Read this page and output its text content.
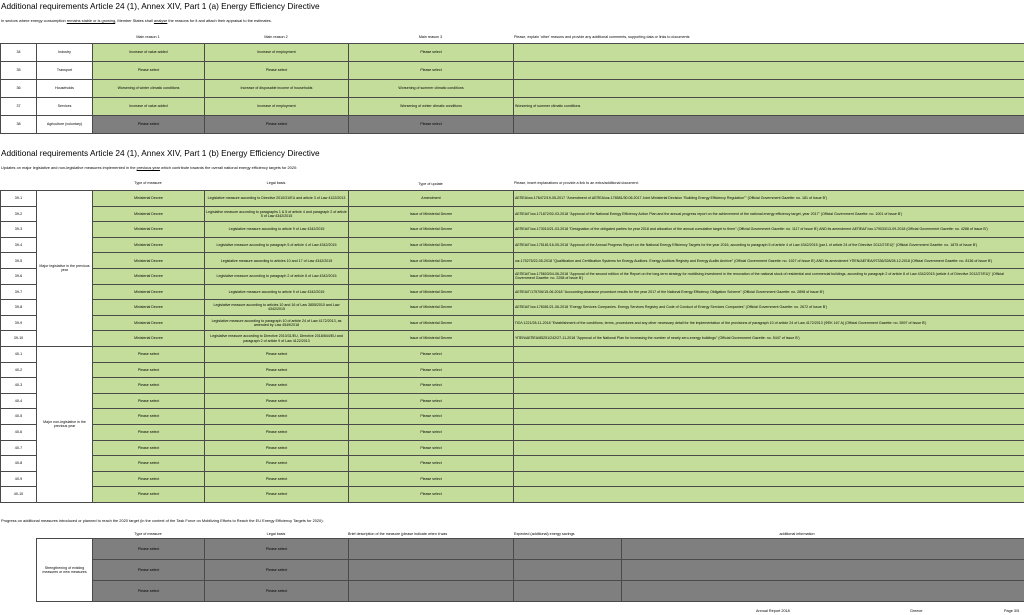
Additional requirements Article 24 (1), Annex XIV, Part 1 (a) Energy Efficiency Directive
In sectors where energy consumption remains stable or is growing, Member States shall analyse the reasons for it and attach their appraisal to the estimates.
Main reason 1	Main reason 2	Main reason 3	Please, explain 'other' reasons and provide any additional comments, supporting data or links to documents
34	Industry	Increase of value added	Increase of employment	Please select	
35	Transport	Please select	Please select	Please select	
36	Households	Worsening of winter climatic conditions	Increase of disposable income of households	Worsening of summer climatic conditions	
37	Services	Increase of value added	Increase of employment	Worsening of winter climatic conditions	Worsening of summer climatic conditions
38	Agriculture (voluntary)	Please select	Please select	Please select	
Additional requirements Article 24 (1), Annex XIV, Part 1 (b) Energy Efficiency Directive
Updates on major legislative and non-legislative measures implemented in the previous year which contribute towards the overall national energy efficiency targets for 2020:
Type of measure	Legal basis	Type of update	Please, insert explanations or provide a link to an extra/additional document:
39-1	Major legislative in the previous year	Ministerial Decree	Legislative measure according to Directive 2010/31/EU and article 3 of Law 4122/2013	Amendment	ΔΕΠΕΑ/οικ.176472/19-05-2017 "Amendment of ΔΕΠΕΑ/οικ.178581/30.06.2017 Joint Ministerial Decision "Building Energy Efficiency Regulation"" (Official Government Gazette: no. 181 of Issue Β')
39-2		Ministerial Decree	Legislative measure according to paragraphs 1 & 5 of article 4 and paragraph 2 of article 5 of Law 4342/2015	Issue of Ministerial Decree	ΔΕΠΕΑ/Γ/οικ.171872/02-03-2018 "Approval of the National Energy Efficiency Action Plan and the annual progress report on the achievement of the national energy efficiency target, year 2017" (Official Government Gazette: no. 1001 of Issue Β')
39-3		Ministerial Decree	Legislative measure according to article 9 of Law 4342/2015	Issue of Ministerial Decree	ΔΕΠΕΑ/Γ/οικ.173010/21-03-2018 "Designation of the obligated parties for year 2018 and allocation of the annual cumulative target to them" (Official Government Gazette: no. 1117 of Issue Β') AND its amendment ΔΕΠΕΑ/Γ/οικ.179033/13-09-2018 (Official Government Gazette: no. 4288 of Issue Β')
39-4		Ministerial Decree	Legislative measure according to paragraph 5 of article 4 of Law 4342/2015	Issue of Ministerial Decree	ΔΕΠΕΑ/Γ/οικ.175181/16-05-2018 "Approval of the Annual Progress Report on the National Energy Efficiency Targets for the year 2016, according to paragraph 5 of article 4 of Law 4342/2015 (par.1 of article 24 of the Directive 2012/27/EU)" (Official Government Gazette: no. 1875 of Issue Β')
39-5		Ministerial Decree	Legislative measure according to articles 10 and 17 of Law 4342/2015	Issue of Ministerial Decree	οικ.175275/22-05-2018 "Qualification and Certification Systems for Energy Auditors. Energy Auditors Registry and Energy Audits Archive" (Official Government Gazette: no. 1927 of Issue Β') AND its amendment ΥΠΕΝ/ΔΕΠΕΑ/97336/328/28-12-2018 (Official Government Gazette: no. 8136 of Issue Β')
39-6		Ministerial Decree	Legislative measure according to paragraph 2 of article 8 of Law 4342/2015	Issue of Ministerial Decree	ΔΕΠΕΑ/Γ/οικ.175603/04-06-2018 "Approval of the second edition of the Report on the long-term strategy for mobilising investment in the renovation of the national stock of residential and commercial buildings, according to paragraph 2 of article 8 of Law 4342/2015 (article 4 of Directive 2012/27/EU)" (Official Government Gazette: no. 2258 of Issue Β')
39-7		Ministerial Decree	Legislative measure according to article 9 of Law 4342/2015	Issue of Ministerial Decree	ΔΕΠΕΑ/Γ/175706/15-06-2018 "Accounting clearance procedure results for the year 2017 of the National Energy Efficiency Obligation Scheme" (Official Government Gazette: no. 2898 of Issue Β')
39-8		Ministerial Decree	Legislative measure according to articles 10 and 16 of Law 3855/2010 and Law 4342/2015	Issue of Ministerial Decree	ΔΕΠΕΑ/Γ/οικ.176081/21-06-2018 "Energy Services Companies. Energy Services Registry and Code of Conduct of Energy Services Companies" (Official Government Gazette: no. 2672 of Issue Β')
39-9		Ministerial Decree	Legislative measure according to paragraph 10 of article 24 of Law 4172/2013, as amended by Law 4549/2018	Issue of Ministerial Decree	ΠΟΛ 1221/28-11-2018 "Establishment of the conditions, terms, procedures and any other necessary detail for the implementation of the provisions of paragraph 10 of article 24 of Law 4172/2013 (ΦΕΚ 167 Α) (Official Government Gazette: no. 5597 of Issue Β')
39-10		Ministerial Decree	Legislative measure according to Directive 2010/31/EU, Directive 2018/844/EU and paragraph 2 of article 9 of Law 4122/2013	Issue of Ministerial Decree	ΥΠΕΝ/ΔΕΠΕΑ/85251/242/27-11-2018 "Approval of the National Plan for increasing the number of nearly zero-energy buildings" (Official Government Gazette: no. 5447 of Issue Β')
40-1	Major non-legislative in the previous year	Please select	Please select	Please select	
40-2		Please select	Please select	Please select	
40-3		Please select	Please select	Please select	
40-4		Please select	Please select	Please select	
40-5		Please select	Please select	Please select	
40-6		Please select	Please select	Please select	
40-7		Please select	Please select	Please select	
40-8		Please select	Please select	Please select	
40-9		Please select	Please select	Please select	
40-10		Please select	Please select	Please select	
Progress on additional measures introduced or planned to reach the 2020 target (in the context of the Task Force on Mobilizing Efforts to Reach the EU Energy Efficiency Targets for 2020):
Type of measure	Legal basis	Brief description of the measure (please indicate when it was	Expected (additional) energy savings	additional information
Strengthening of existing measures or new measures	Please select	Please select			
	Please select	Please select			
	Please select	Please select			
Annual Report 2018	Greece	Page 3/5
